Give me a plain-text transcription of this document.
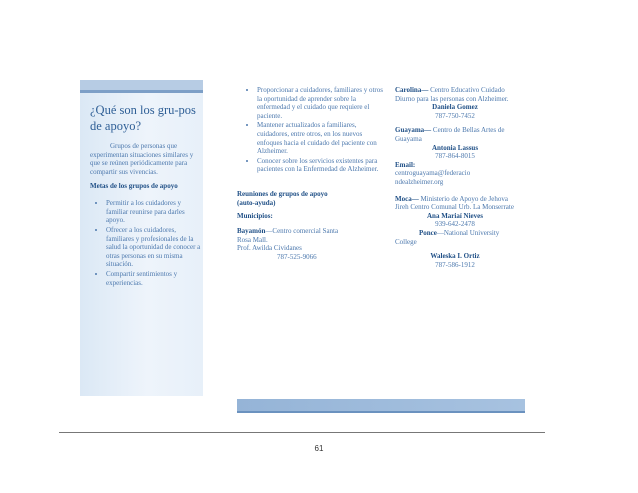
¿Qué son los gru-pos de apoyo?
Grupos de personas que experimentan situaciones similares y que se reúnen periódicamente para compartir sus vivencias.
Metas de los grupos de apoyo
• Permitir a los cuidadores y familiar reunirse para darles apoyo.
• Ofrecer a los cuidadores, familiares y profesionales de la salud la oportunidad de conocer a otras personas en su misma situación.
• Compartir sentimientos y experiencias.
• Proporcionar a cuidadores, familiares y otros la oportunidad de aprender sobre la enfermedad y el cuidado que requiere el paciente.
• Mantener actualizados a familiares, cuidadores, entre otros, en los nuevos enfoques hacia el cuidado del paciente con Alzheimer.
• Conocer sobre los servicios existentes para pacientes con la Enfermedad de Alzheimer.
Reuniones de grupos de apoyo (auto-ayuda)
Municipios:
Bayamón—Centro comercial Santa Rosa Mall.
Prof. Awilda Cividanes
787-525-9066
Carolina— Centro Educativo Cuidado Diurno para las personas con Alzheimer.
Daniela Gomez
787-750-7452
Guayama— Centro de Bellas Artes de Guayama
Antonia Lassus
787-864-8015
Email:
centroguayama@federacio ndealzheimer.org
Moca— Ministerio de Apoyo de Jehova Jireh Centro Comunal Urb. La Monserrate
Ana Mariaí Nieves
939-642-2478
Ponce—National University College
Waleska I. Ortiz
787-586-1912
61
